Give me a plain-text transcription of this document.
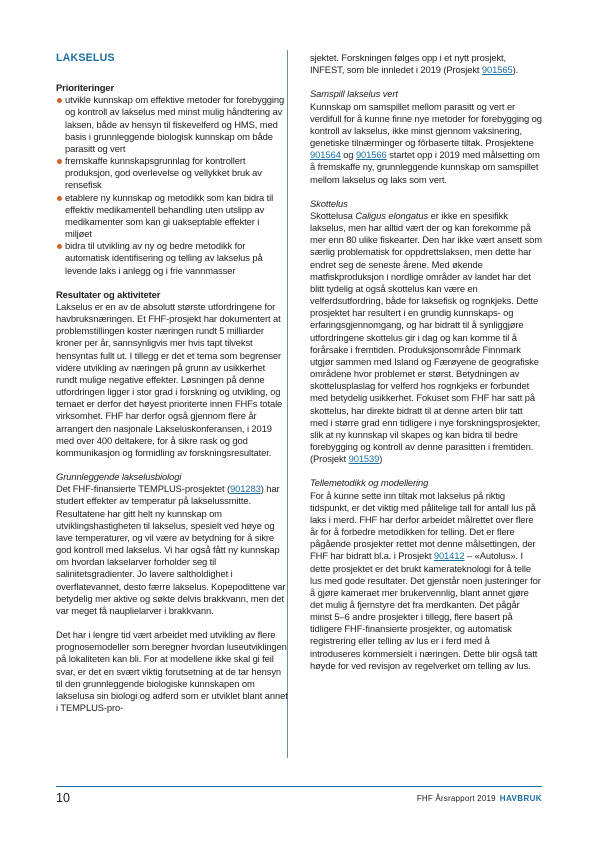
LAKSELUS
Prioriteringer
utvikle kunnskap om effektive metoder for forebygging og kontroll av lakselus med minst mulig håndtering av laksen, både av hensyn til fiskevelferd og HMS, med basis i grunnleggende biologisk kunnskap om både parasitt og vert
fremskaffe kunnskapsgrunnlag for kontrollert produksjon, god overlevelse og vellykket bruk av rensefisk
etablere ny kunnskap og metodikk som kan bidra til effektiv medikamentell behandling uten utslipp av medikamenter som kan gi uakseptable effekter i miljøet
bidra til utvikling av ny og bedre metodikk for automatisk identifisering og telling av lakselus på levende laks i anlegg og i frie vannmasser
Resultater og aktiviteter

Lakselus er en av de absolutt største utfordringene for havbruksnæringen. Et FHF-prosjekt har dokumentert at problemstillingen koster næringen rundt 5 milliarder kroner per år, sannsynligvis mer hvis tapt tilvekst hensyntas fullt ut. I tillegg er det et tema som begrenser videre utvikling av næringen på grunn av usikkerhet rundt mulige negative effekter. Løsningen på denne utfordringen ligger i stor grad i forskning og utvikling, og temaet er derfor det høyest prioriterte innen FHFs totale virksomhet. FHF har derfor også gjennom flere år arrangert den nasjonale Lakseluskonferansen, i 2019 med over 400 deltakere, for å sikre rask og god kommunikasjon og formidling av forskningsresultater.

Grunnleggende lakselusbiologi

Det FHF-finansierte TEMPLUS-prosjektet (901283) har studert effekter av temperatur på lakselussmitte. Resultatene har gitt helt ny kunnskap om utviklingshastigheten til lakselus, spesielt ved høye og lave temperaturer, og vil være av betydning for å sikre god kontroll med lakselus. Vi har også fått ny kunnskap om hvordan lakselarver forholder seg til salinitetsgradienter. Jo lavere saltholdighet i overflatevannet, desto færre lakselus. Kopepodittene var betydelig mer aktive og søkte delvis brakkvann, men det var meget få nauplielarver i brakkvann.

Det har i lengre tid vært arbeidet med utvikling av flere prognosemodeller som beregner hvordan luseutviklingen på lokaliteten kan bli. For at modellene ikke skal gi feil svar, er det en svært viktig forutsetning at de tar hensyn til den grunnleggende biologiske kunnskapen om lakselusa sin biologi og adferd som er utviklet blant annet i TEMPLUS-pro-

sjektet. Forskningen følges opp i et nytt prosjekt, INFEST, som ble innledet i 2019 (Prosjekt 901565).

Samspill lakselus vert

Kunnskap om samspillet mellom parasitt og vert er verdifull for å kunne finne nye metoder for forebygging og kontroll av lakselus, ikke minst gjennom vaksinering, genetiske tilnærminger og fôrbaserte tiltak. Prosjektene 901564 og 901566 startet opp i 2019 med målsetting om å fremskaffe ny, grunnleggende kunnskap om samspillet mellom lakselus og laks som vert.

Skottelus

Skottelusa Caligus elongatus er ikke en spesifikk lakselus, men har alltid vært der og kan forekomme på mer enn 80 ulike fiskearter. Den har ikke vært ansett som særlig problematisk for oppdrettslaksen, men dette har endret seg de seneste årene. Med økende matfiskproduksjon i nordlige områder av landet har det blitt tydelig at også skottelus kan være en velferdsutfordring, både for laksefisk og rognkjeks. Dette prosjektet har resultert i en grundig kunnskaps- og erfaringsgjennomgang, og har bidratt til å synliggjøre utfordringene skottelus gir i dag og kan komme til å forårsake i fremtiden. Produksjonsområde Finnmark utgjør sammen med Island og Færøyene de geografiske områdene hvor problemet er størst. Betydningen av skottelusplaslag for velferd hos rognkjeks er forbundet med betydelig usikkerhet. Fokuset som FHF har satt på skottelus, har direkte bidratt til at denne arten blir tatt med i større grad enn tidligere i nye forskningsprosjekter, slik at ny kunnskap vil skapes og kan bidra til bedre forebygging og kontroll av denne parasitten i fremtiden. (Prosjekt 901539)

Tellemetodikk og modellering

For å kunne sette inn tiltak mot lakselus på riktig tidspunkt, er det viktig med pålitelige tall for antall lus på laks i merd. FHF har derfor arbeidet målrettet over flere år for å forbedre metodikken for telling. Det er flere pågående prosjekter rettet mot denne målsettingen, der FHF har bidratt bl.a. i Prosjekt 901412 – «Autolus». I dette prosjektet er det brukt kamerateknologi for å telle lus med gode resultater. Det gjenstår noen justeringer for å gjøre kameraet mer brukervennlig, blant annet gjøre det mulig å fjernstyre det fra merdkanten. Det pågår minst 5–6 andre prosjekter i tillegg, flere basert på tidligere FHF-finansierte prosjekter, og automatisk registrering eller telling av lus er i ferd med å introduseres kommersielt i næringen. Dette blir også tatt høyde for ved revisjon av regelverket om telling av lus.

10	FHF Årsrapport 2019 HAVBRUK
